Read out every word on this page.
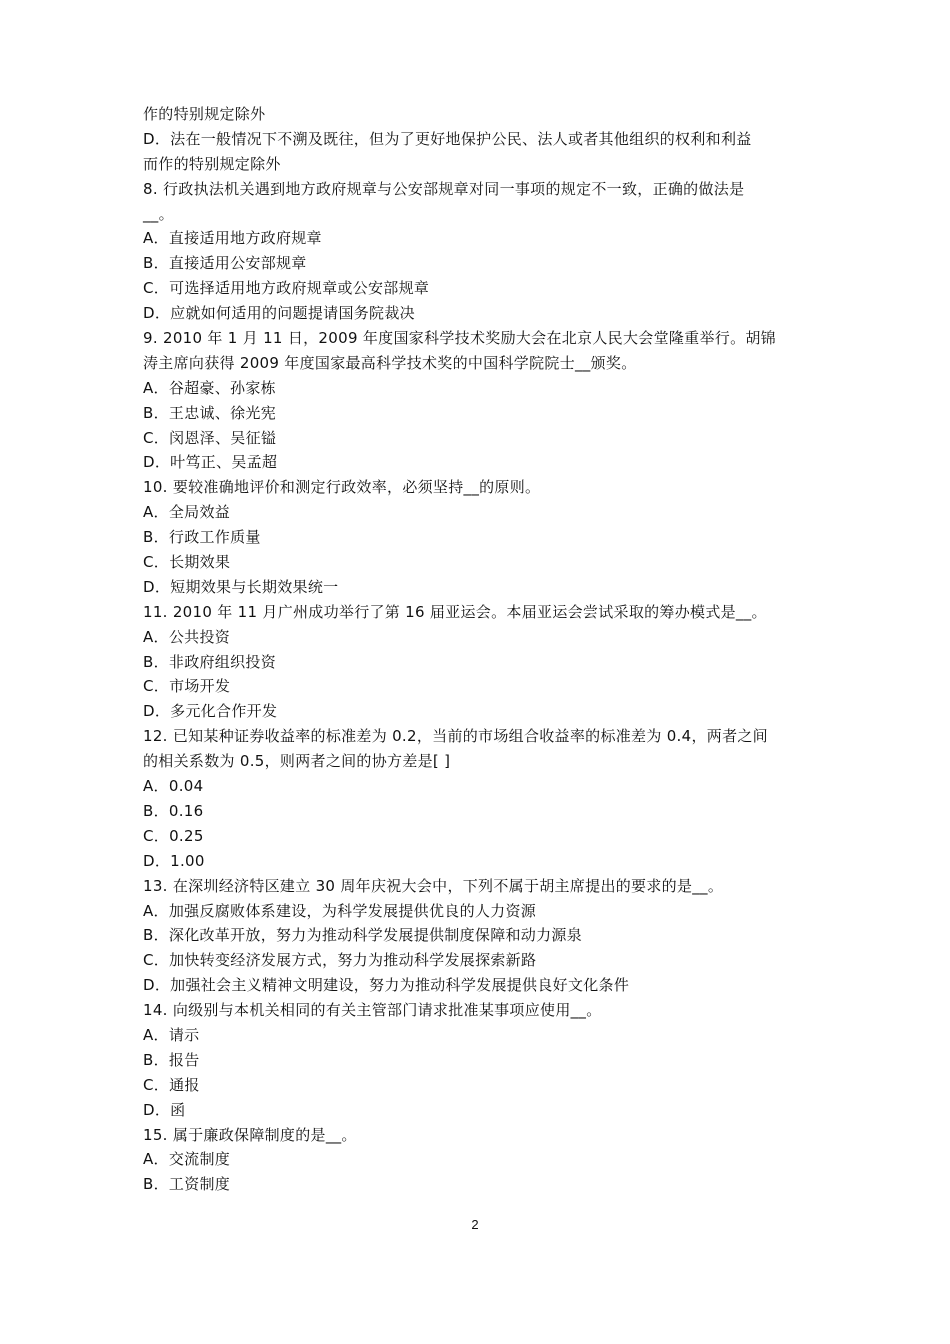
作的特别规定除外
D．法在一般情况下不溯及既往，但为了更好地保护公民、法人或者其他组织的权利和利益
而作的特别规定除外
8. 行政执法机关遇到地方政府规章与公安部规章对同一事项的规定不一致，正确的做法是
__。
A．直接适用地方政府规章
B．直接适用公安部规章
C．可选择适用地方政府规章或公安部规章
D．应就如何适用的问题提请国务院裁决
9. 2010 年 1 月 11 日，2009 年度国家科学技术奖励大会在北京人民大会堂隆重举行。胡锦
涛主席向获得 2009 年度国家最高科学技术奖的中国科学院院士__颁奖。
A．谷超豪、孙家栋
B．王忠诚、徐光宪
C．闵恩泽、吴征镒
D．叶笃正、吴孟超
10. 要较准确地评价和测定行政效率，必须坚持__的原则。
A．全局效益
B．行政工作质量
C．长期效果
D．短期效果与长期效果统一
11. 2010 年 11 月广州成功举行了第 16 届亚运会。本届亚运会尝试采取的筹办模式是__。
A．公共投资
B．非政府组织投资
C．市场开发
D．多元化合作开发
12. 已知某种证券收益率的标准差为 0.2，当前的市场组合收益率的标准差为 0.4，两者之间
的相关系数为 0.5，则两者之间的协方差是[ ]
A．0.04
B．0.16
C．0.25
D．1.00
13. 在深圳经济特区建立 30 周年庆祝大会中，下列不属于胡主席提出的要求的是__。
A．加强反腐败体系建设，为科学发展提供优良的人力资源
B．深化改革开放，努力为推动科学发展提供制度保障和动力源泉
C．加快转变经济发展方式，努力为推动科学发展探索新路
D．加强社会主义精神文明建设，努力为推动科学发展提供良好文化条件
14. 向级别与本机关相同的有关主管部门请求批准某事项应使用__。
A．请示
B．报告
C．通报
D．函
15. 属于廉政保障制度的是__。
A．交流制度
B．工资制度
2
